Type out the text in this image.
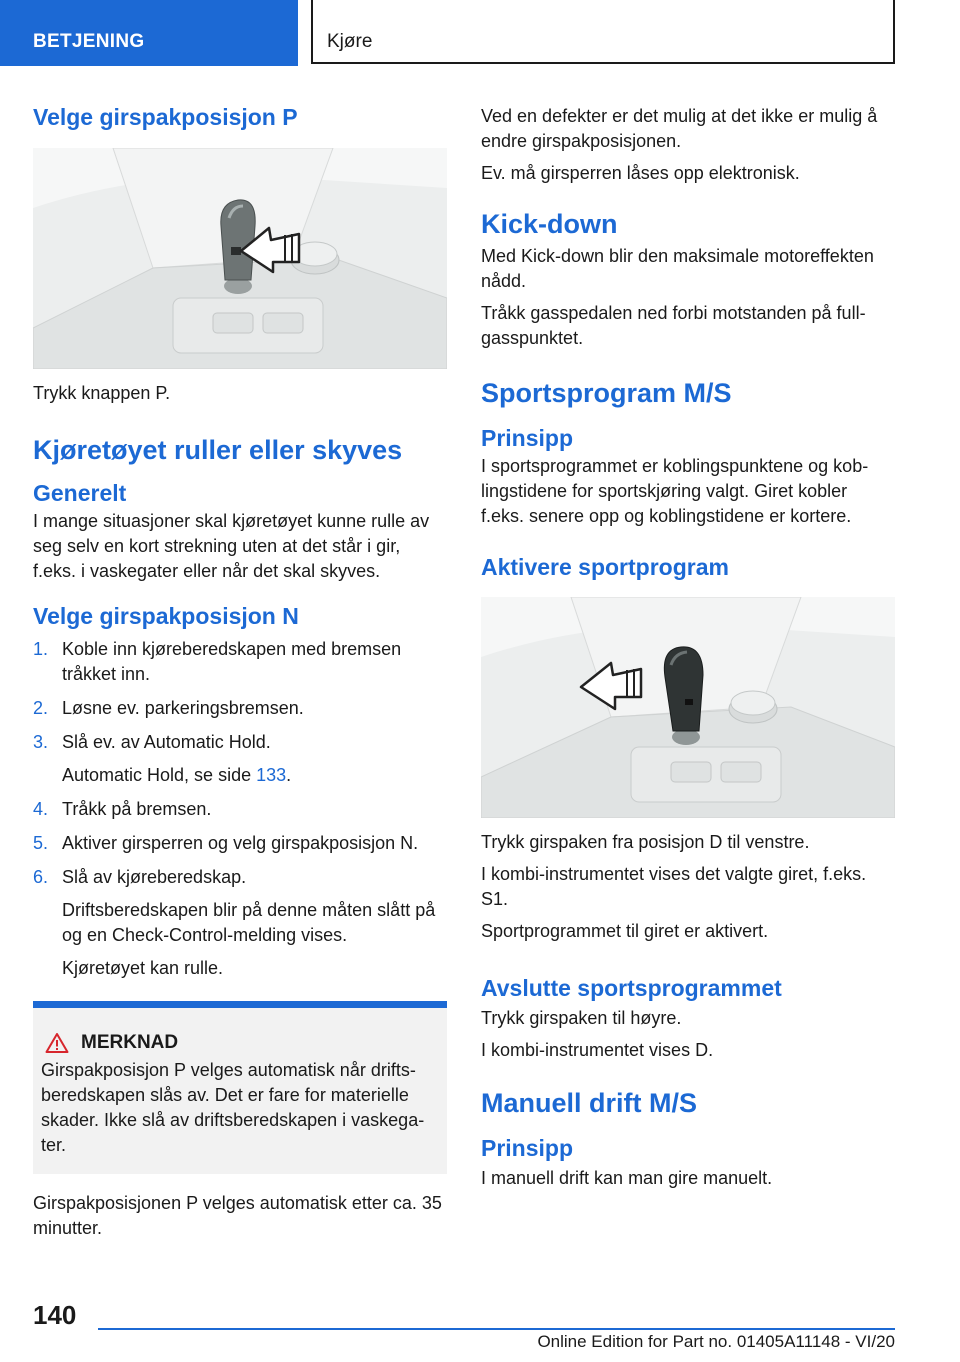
BETJENING	Kjøre
Velge girspakposisjon P

Trykk knappen P.

Kjøretøyet ruller eller skyves
Generelt

I mange situasjoner skal kjøretøyet kunne rulle av seg selv en kort strekning uten at det står i gir, f.eks. i vaskegater eller når det skal skyves.

Velge girspakposisjon N
1. Koble inn kjøreberedskapen med bremsen tråkket inn.
2. Løsne ev. parkeringsbremsen.
3. Slå ev. av Automatic Hold.
Automatic Hold, se side 133.
4. Tråkk på bremsen.
5. Aktiver girsperren og velg girspakposisjon N.
6. Slå av kjøreberedskap.
Driftsberedskapen blir på denne måten slått på og en Check-Control-melding vises.
Kjøretøyet kan rulle.
MERKNAD

Girspakposisjon P velges automatisk når driftsberedskapen slås av. Det er fare for materielle skader. Ikke slå av driftsberedskapen i vaskegater.

Girspakposisjonen P velges automatisk etter ca. 35 minutter.

Ved en defekter er det mulig at det ikke er mulig å endre girspakposisjonen.

Ev. må girsperren låses opp elektronisk.

Kick-down

Med Kick-down blir den maksimale motoreffekten nådd.

Tråkk gasspedalen ned forbi motstanden på fullgasspunktet.

Sportsprogram M/S
Prinsipp

I sportsprogrammet er koblingspunktene og koblingstidene for sportskjøring valgt. Giret kobler f.eks. senere opp og koblingstidene er kortere.

Aktivere sportprogram

Trykk girspaken fra posisjon D til venstre.

I kombi-instrumentet vises det valgte giret, f.eks. S1.

Sportprogrammet til giret er aktivert.

Avslutte sportsprogrammet

Trykk girspaken til høyre.

I kombi-instrumentet vises D.

Manuell drift M/S
Prinsipp

I manuell drift kan man gire manuelt.

140
Online Edition for Part no. 01405A11148 - VI/20
